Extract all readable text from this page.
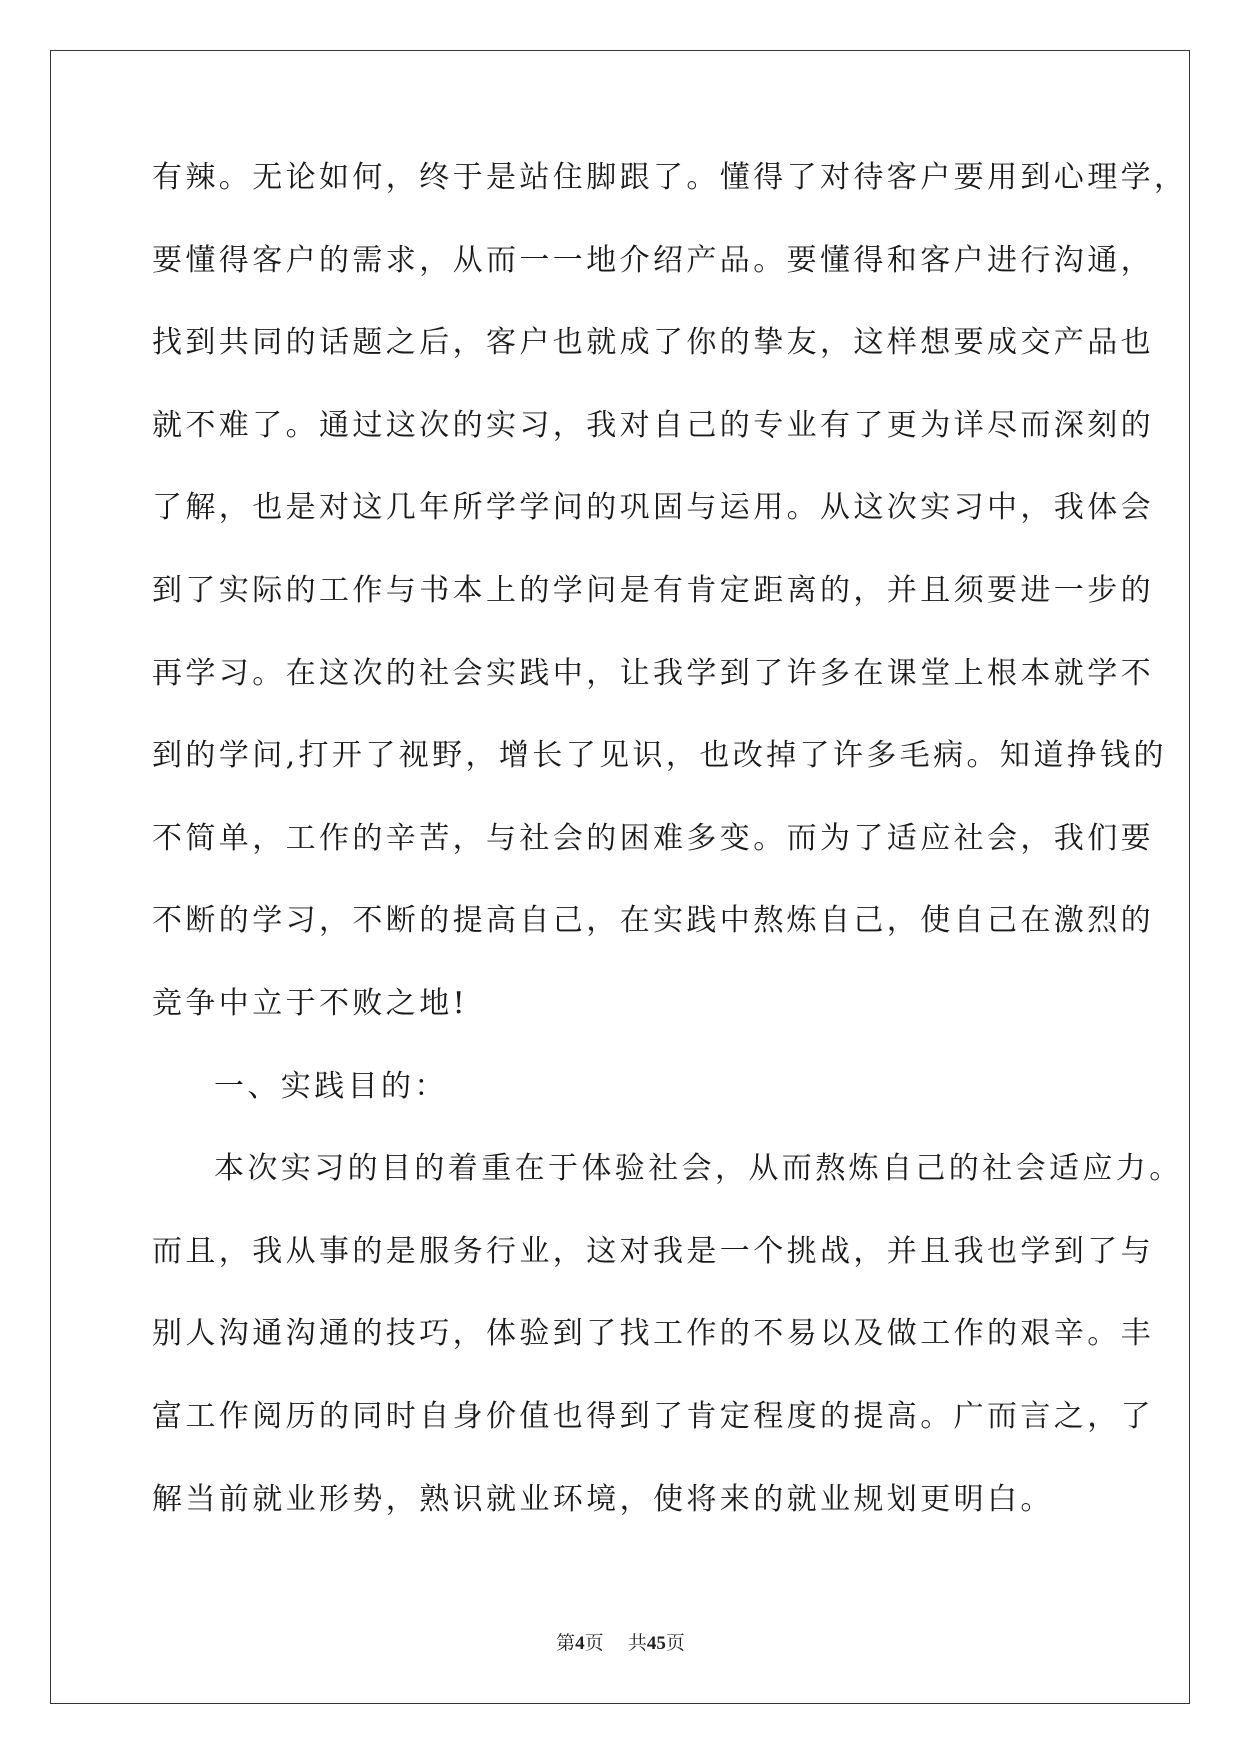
有辣。无论如何，终于是站住脚跟了。懂得了对待客户要用到心理学，

要懂得客户的需求，从而一一地介绍产品。要懂得和客户进行沟通，

找到共同的话题之后，客户也就成了你的挚友，这样想要成交产品也

就不难了。通过这次的实习，我对自己的专业有了更为详尽而深刻的

了解，也是对这几年所学学问的巩固与运用。从这次实习中，我体会

到了实际的工作与书本上的学问是有肯定距离的，并且须要进一步的

再学习。在这次的社会实践中，让我学到了许多在课堂上根本就学不

到的学问,打开了视野，增长了见识，也改掉了许多毛病。知道挣钱的

不简单，工作的辛苦，与社会的困难多变。而为了适应社会，我们要

不断的学习，不断的提高自己，在实践中熬炼自己，使自己在激烈的

竞争中立于不败之地!

一、实践目的：

本次实习的目的着重在于体验社会，从而熬炼自己的社会适应力。

而且，我从事的是服务行业，这对我是一个挑战，并且我也学到了与

别人沟通沟通的技巧，体验到了找工作的不易以及做工作的艰辛。丰

富工作阅历的同时自身价值也得到了肯定程度的提高。广而言之，了

解当前就业形势，熟识就业环境，使将来的就业规划更明白。

第4页 共45页
